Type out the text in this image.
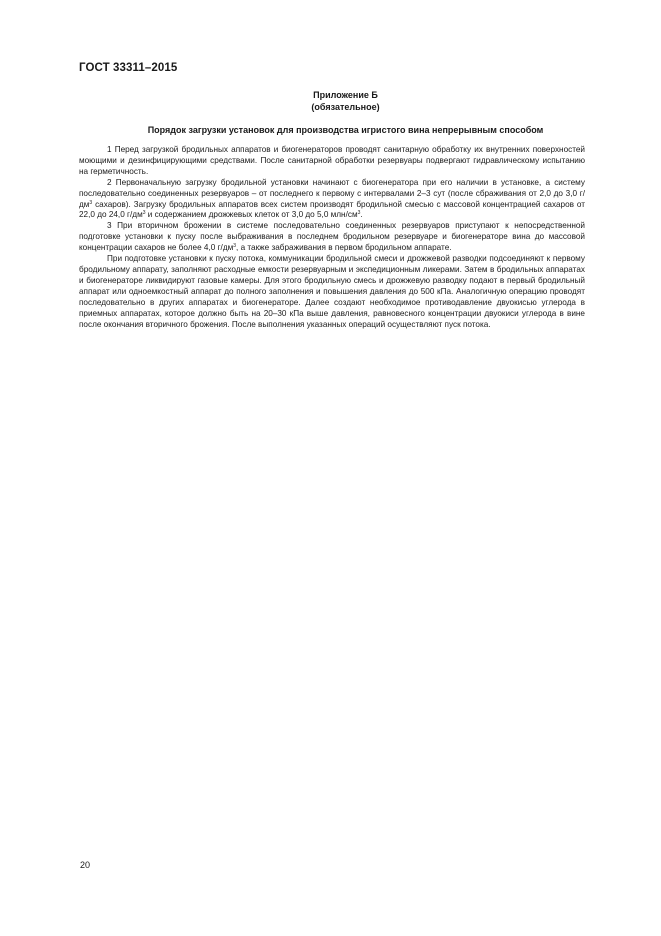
ГОСТ 33311–2015
Приложение Б
(обязательное)
Порядок загрузки установок для производства игристого вина непрерывным способом

1 Перед загрузкой бродильных аппаратов и биогенераторов проводят санитарную обработку их внутренних поверхностей моющими и дезинфицирующими средствами. После санитарной обработки резервуары подвергают гидравлическому испытанию на герметичность.

2 Первоначальную загрузку бродильной установки начинают с биогенератора при его наличии в установке, а систему последовательно соединенных резервуаров – от последнего к первому с интервалами 2–3 сут (после сбраживания от 2,0 до 3,0 $г/дм^3$ сахаров). Загрузку бродильных аппаратов всех систем производят бродильной смесью с массовой концентрацией сахаров от 22,0 до 24,0 $г/дм^3$ и содержанием дрожжевых клеток от 3,0 до 5,0 млн/$см^3$.

3 При вторичном брожении в системе последовательно соединенных резервуаров приступают к непосредственной подготовке установки к пуску после выбраживания в последнем бродильном резервуаре и биогенераторе вина до массовой концентрации сахаров не более 4,0 $г/дм^3$, а также забраживания в первом бродильном аппарате.

При подготовке установки к пуску потока, коммуникации бродильной смеси и дрожжевой разводки подсоединяют к первому бродильному аппарату, заполняют расходные емкости резервуарным и экспедиционным ликерами. Затем в бродильных аппаратах и биогенераторе ликвидируют газовые камеры. Для этого бродильную смесь и дрожжевую разводку подают в первый бродильный аппарат или одноемкостный аппарат до полного заполнения и повышения давления до 500 кПа. Аналогичную операцию проводят последовательно в других аппаратах и биогенераторе. Далее создают необходимое противодавление двуокисью углерода в приемных аппаратах, которое должно быть на 20–30 кПа выше давления, равновесного концентрации двуокиси углерода в вине после окончания вторичного брожения. После выполнения указанных операций осуществляют пуск потока.

20
